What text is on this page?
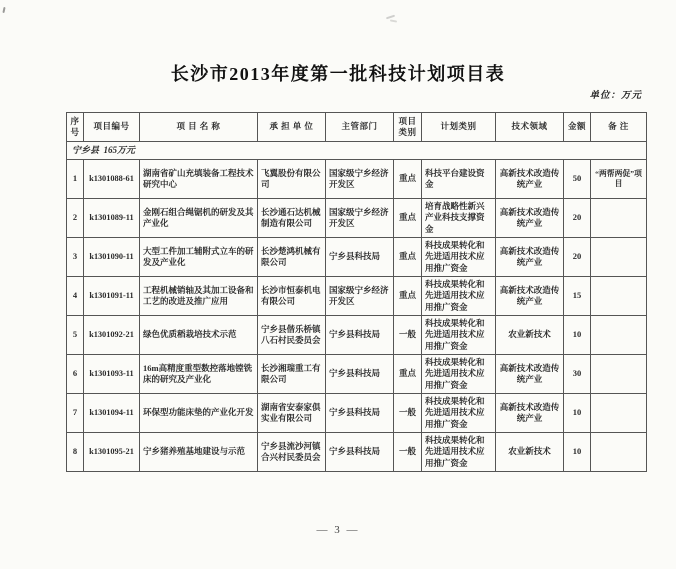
长沙市2013年度第一批科技计划项目表
单位：万元
序号	项目编号	项 目 名 称	承 担 单 位	主管部门	项目类别	计划类别	技术领域	金额	备 注
宁乡县  165万元									
1	k1301088-61	湖南省矿山充填装备工程技术研究中心	飞翼股份有限公司	国家级宁乡经济开发区	重点	科技平台建设资金	高新技术改造传统产业	50	“两帮两促”项目
2	k1301089-11	金刚石组合绳锯机的研发及其产业化	长沙通石达机械制造有限公司	国家级宁乡经济开发区	重点	培育战略性新兴产业科技支撑资金	高新技术改造传统产业	20	
3	k1301090-11	大型工件加工辅附式立车的研发及产业化	长沙楚鸿机械有限公司	宁乡县科技局	重点	科技成果转化和先进适用技术应用推广资金	高新技术改造传统产业	20	
4	k1301091-11	工程机械销轴及其加工设备和工艺的改进及推广应用	长沙市恒泰机电有限公司	国家级宁乡经济开发区	重点	科技成果转化和先进适用技术应用推广资金	高新技术改造传统产业	15	
5	k1301092-21	绿色优质稻栽培技术示范	宁乡县偕乐桥镇八石村民委员会	宁乡县科技局	一般	科技成果转化和先进适用技术应用推广资金	农业新技术	10	
6	k1301093-11	16m高精度重型数控落地镗铣床的研究及产业化	长沙湘瑞重工有限公司	宁乡县科技局	重点	科技成果转化和先进适用技术应用推广资金	高新技术改造传统产业	30	
7	k1301094-11	环保型功能床垫的产业化开发	湖南省安泰家俱实业有限公司	宁乡县科技局	一般	科技成果转化和先进适用技术应用推广资金	高新技术改造传统产业	10	
8	k1301095-21	宁乡猪养殖基地建设与示范	宁乡县流沙河镇合兴村民委员会	宁乡县科技局	一般	科技成果转化和先进适用技术应用推广资金	农业新技术	10	
— 3 —
